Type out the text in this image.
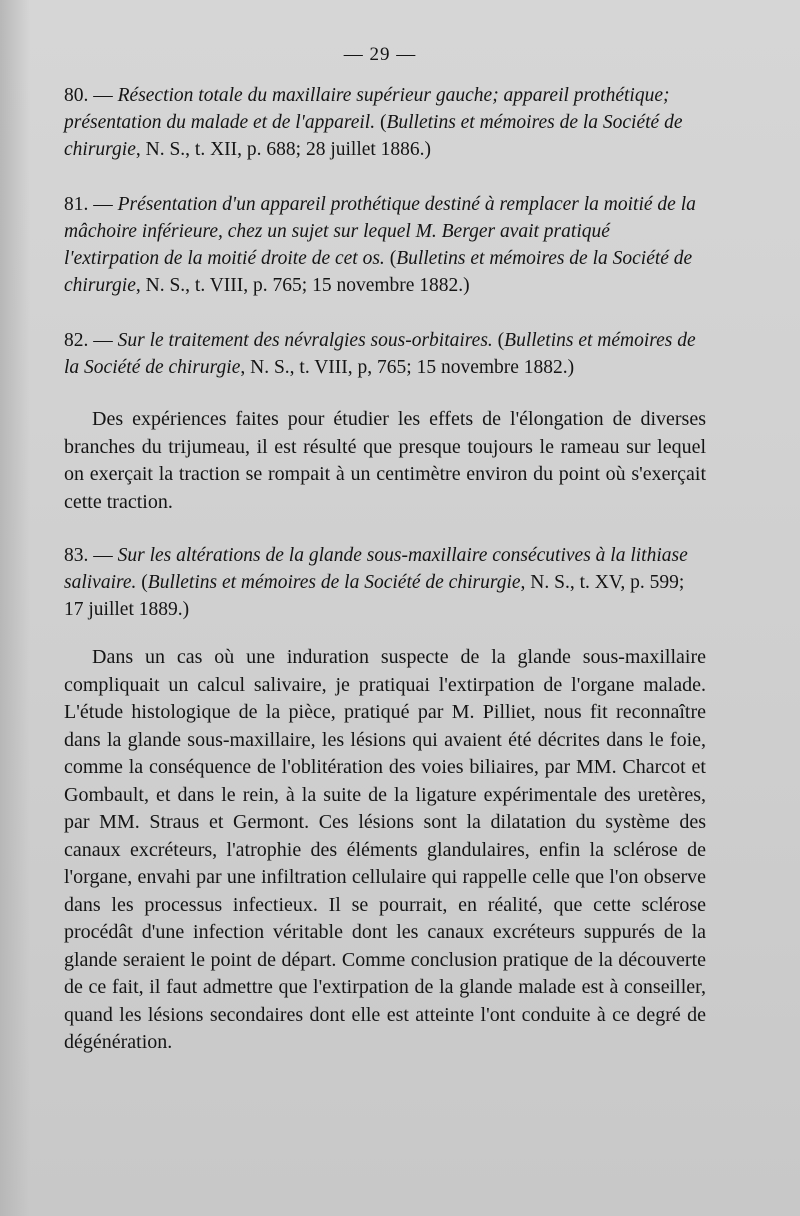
— 29 —

80. — Résection totale du maxillaire supérieur gauche; appareil prothétique; présentation du malade et de l'appareil. (Bulletins et mémoires de la Société de chirurgie, N. S., t. XII, p. 688; 28 juillet 1886.)

81. — Présentation d'un appareil prothétique destiné à remplacer la moitié de la mâchoire inférieure, chez un sujet sur lequel M. Berger avait pratiqué l'extirpation de la moitié droite de cet os. (Bulletins et mémoires de la Société de chirurgie, N. S., t. VIII, p. 765; 15 novembre 1882.)

82. — Sur le traitement des névralgies sous-orbitaires. (Bulletins et mémoires de la Société de chirurgie, N. S., t. VIII, p, 765; 15 novembre 1882.)

Des expériences faites pour étudier les effets de l'élongation de diverses branches du trijumeau, il est résulté que presque toujours le rameau sur lequel on exerçait la traction se rompait à un centimètre environ du point où s'exerçait cette traction.

83. — Sur les altérations de la glande sous-maxillaire consécutives à la lithiase salivaire. (Bulletins et mémoires de la Société de chirurgie, N. S., t. XV, p. 599; 17 juillet 1889.)

Dans un cas où une induration suspecte de la glande sous-maxillaire compliquait un calcul salivaire, je pratiquai l'extirpation de l'organe malade. L'étude histologique de la pièce, pratiqué par M. Pilliet, nous fit reconnaître dans la glande sous-maxillaire, les lésions qui avaient été décrites dans le foie, comme la conséquence de l'oblitération des voies biliaires, par MM. Charcot et Gombault, et dans le rein, à la suite de la ligature expérimentale des uretères, par MM. Straus et Germont. Ces lésions sont la dilatation du système des canaux excréteurs, l'atrophie des éléments glandulaires, enfin la sclérose de l'organe, envahi par une infiltration cellulaire qui rappelle celle que l'on observe dans les processus infectieux. Il se pourrait, en réalité, que cette sclérose procédât d'une infection véritable dont les canaux excréteurs suppurés de la glande seraient le point de départ. Comme conclusion pratique de la découverte de ce fait, il faut admettre que l'extirpation de la glande malade est à conseiller, quand les lésions secondaires dont elle est atteinte l'ont conduite à ce degré de dégénération.
